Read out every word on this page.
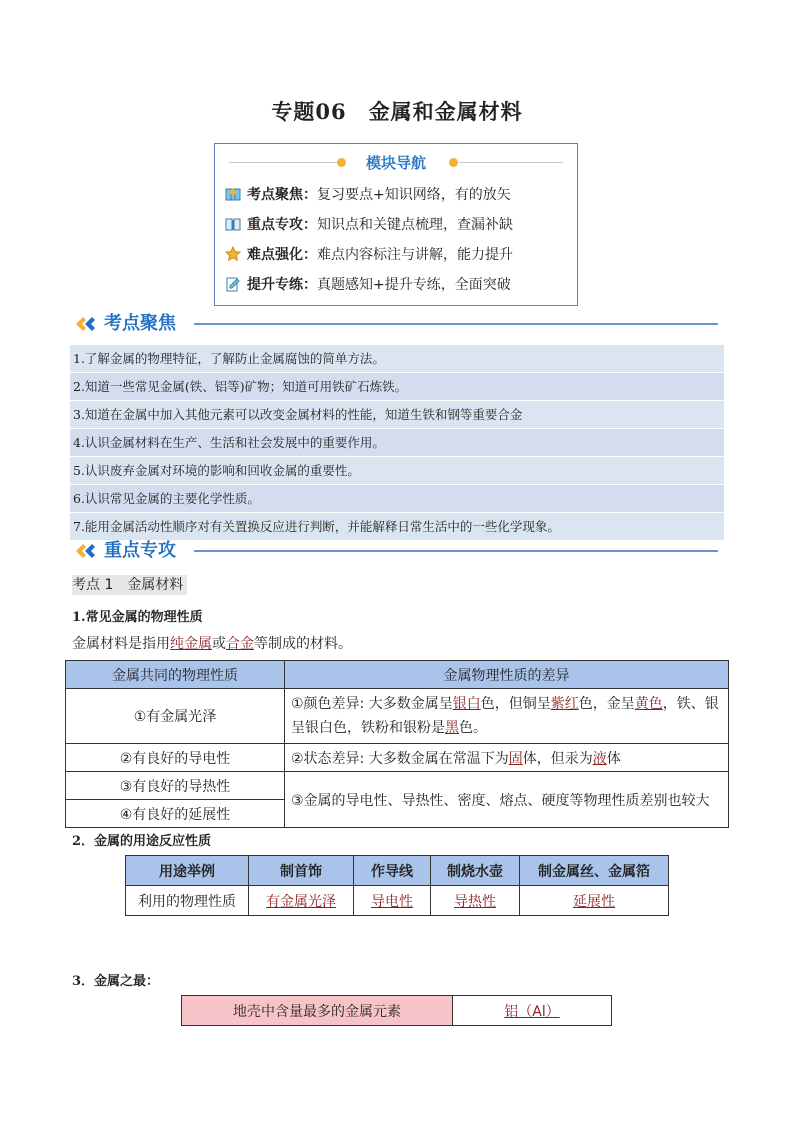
专题06　金属和金属材料
模块导航
考点聚焦：复习要点+知识网络，有的放矢
重点专攻：知识点和关键点梳理，查漏补缺
难点强化：难点内容标注与讲解，能力提升
提升专练：真题感知+提升专练，全面突破
考点聚焦
1.了解金属的物理特征，了解防止金属腐蚀的简单方法。
2.知道一些常见金属(铁、铝等)矿物；知道可用铁矿石炼铁。
3.知道在金属中加入其他元素可以改变金属材料的性能，知道生铁和钢等重要合金
4.认识金属材料在生产、生活和社会发展中的重要作用。
5.认识废弃金属对环境的影响和回收金属的重要性。
6.认识常见金属的主要化学性质。
7.能用金属活动性顺序对有关置换反应进行判断，并能解释日常生活中的一些化学现象。
重点专攻
考点 1　金属材料
1.常见金属的物理性质
金属材料是指用纯金属或合金等制成的材料。
金属共同的物理性质	金属物理性质的差异
①有金属光泽	①颜色差异: 大多数金属呈银白色，但铜呈紫红色，金呈黄色，铁、银
呈银白色，铁粉和银粉是黑色。
②有良好的导电性	②状态差异: 大多数金属在常温下为固体，但汞为液体
③有良好的导热性	③金属的导电性、导热性、密度、熔点、硬度等物理性质差别也较大
④有良好的延展性	
2．金属的用途反应性质
用途举例	制首饰	作导线	制烧水壶	制金属丝、金属箔
利用的物理性质	有金属光泽	导电性	导热性	延展性
3．金属之最：
地壳中含量最多的金属元素	铝（Al）
